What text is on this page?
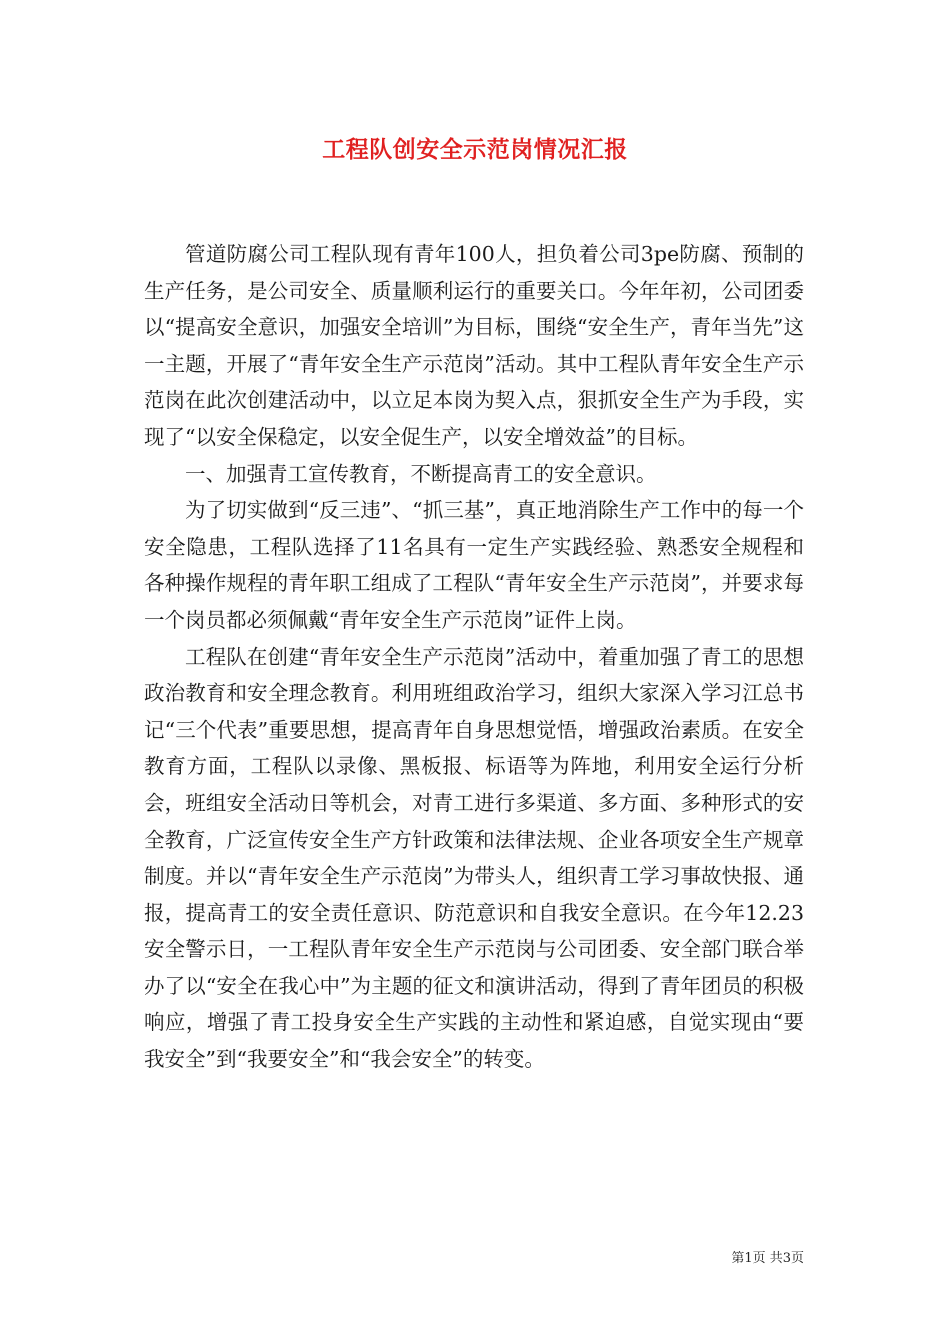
工程队创安全示范岗情况汇报

管道防腐公司工程队现有青年100人，担负着公司3pe防腐、预制的生产任务，是公司安全、质量顺利运行的重要关口。今年年初，公司团委以“提高安全意识，加强安全培训”为目标，围绕“安全生产，青年当先”这一主题，开展了“青年安全生产示范岗”活动。其中工程队青年安全生产示范岗在此次创建活动中，以立足本岗为契入点，狠抓安全生产为手段，实现了“以安全保稳定，以安全促生产，以安全增效益”的目标。

一、加强青工宣传教育，不断提高青工的安全意识。

为了切实做到“反三违”、“抓三基”，真正地消除生产工作中的每一个安全隐患，工程队选择了11名具有一定生产实践经验、熟悉安全规程和各种操作规程的青年职工组成了工程队“青年安全生产示范岗”，并要求每一个岗员都必须佩戴“青年安全生产示范岗”证件上岗。

工程队在创建“青年安全生产示范岗”活动中，着重加强了青工的思想政治教育和安全理念教育。利用班组政治学习，组织大家深入学习江总书记“三个代表”重要思想，提高青年自身思想觉悟，增强政治素质。在安全教育方面，工程队以录像、黑板报、标语等为阵地，利用安全运行分析会，班组安全活动日等机会，对青工进行多渠道、多方面、多种形式的安全教育，广泛宣传安全生产方针政策和法律法规、企业各项安全生产规章制度。并以“青年安全生产示范岗”为带头人，组织青工学习事故快报、通报，提高青工的安全责任意识、防范意识和自我安全意识。在今年12.23安全警示日，一工程队青年安全生产示范岗与公司团委、安全部门联合举办了以“安全在我心中”为主题的征文和演讲活动，得到了青年团员的积极响应，增强了青工投身安全生产实践的主动性和紧迫感，自觉实现由“要我安全”到“我要安全”和“我会安全”的转变。

第1页 共3页
